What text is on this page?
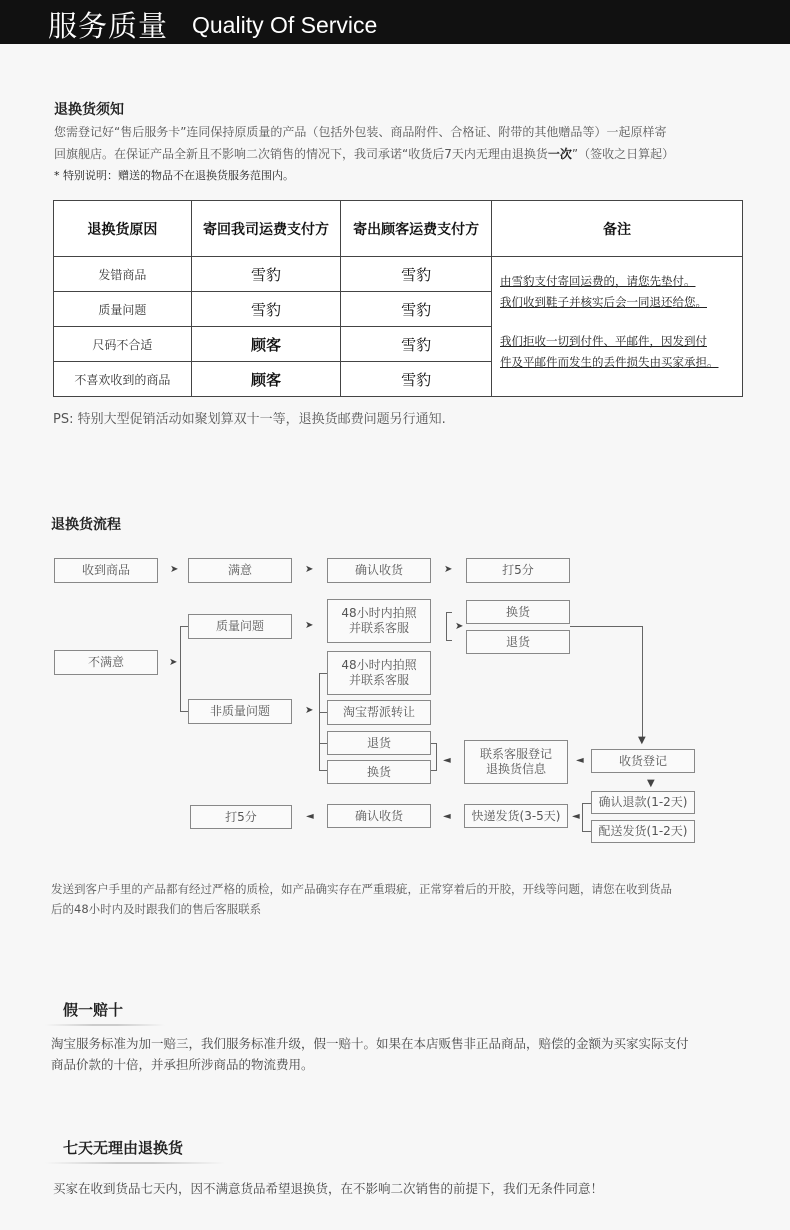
服务质量 Quality Of Service
退换货须知
您需登记好“售后服务卡”连同保持原质量的产品（包括外包装、商品附件、合格证、附带的其他赠品等）一起原样寄
回旗舰店。在保证产品全新且不影响二次销售的情况下，我司承诺“收货后7天内无理由退换货一次”（签收之日算起）
* 特别说明：赠送的物品不在退换货服务范围内。
退换货原因	寄回我司运费支付方	寄出顾客运费支付方	备注
发错商品	雪豹	雪豹	由雪豹支付寄回运费的，请您先垫付。
我们收到鞋子并核实后会一同退还给您。
我们拒收一切到付件、平邮件，因发到付
件及平邮件而发生的丢件损失由买家承担。

质量问题	雪豹	雪豹	
尺码不合适	顾客	雪豹	
不喜欢收到的商品	顾客	雪豹	
PS: 特别大型促销活动如聚划算双十一等，退换货邮费问题另行通知.
退换货流程
收到商品	➤	满意	➤	确认收货	➤	打5分
不满意	➤
质量问题	➤
48小时内拍照
并联系客服	➤
换货
退货
▼
非质量问题	➤
48小时内拍照
并联系客服
淘宝帮派转让
退货
换货
◄	联系客服登记
退换货信息
◄	收货登记
▼
确认退款(1-2天)
配送发货(1-2天)
◄
快递发货(3-5天)
◄
确认收货
◄
打5分
发送到客户手里的产品都有经过严格的质检，如产品确实存在严重瑕疵，正常穿着后的开胶，开线等问题，请您在收到货品
后的48小时内及时跟我们的售后客服联系
假一赔十
淘宝服务标准为加一赔三，我们服务标准升级，假一赔十。如果在本店贩售非正品商品，赔偿的金额为买家实际支付
商品价款的十倍，并承担所涉商品的物流费用。
七天无理由退换货
买家在收到货品七天内，因不满意货品希望退换货，在不影响二次销售的前提下，我们无条件同意！
